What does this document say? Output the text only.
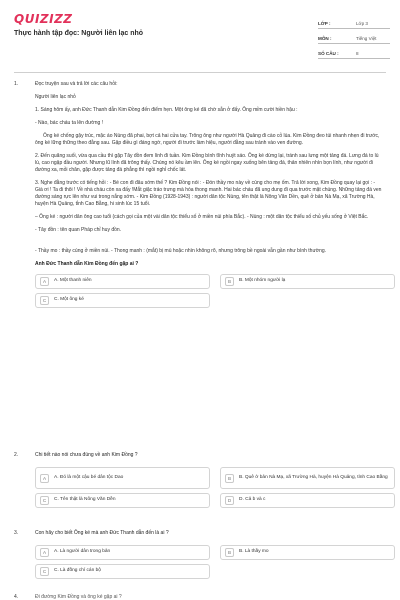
QUIZIZZ
Thực hành tập đọc: Người liên lạc nhỏ
LỚP :	Lớp 3
MÔN :	Tiếng Việt
SỐ CÂU :	8
1.	Đọc truyện sau và trả lời các câu hỏi:

Người liên lạc nhỏ

1. Sáng hôm ấy, anh Đức Thanh dẫn Kim Đồng đến điểm hẹn. Một ông ké đã chờ sẵn ở đấy. Ông mỉm cười hiền hậu :

- Nào, bác cháu ta lên đường !

Ông ké chống gậy trúc, mặc áo Nùng đã phai, bợt cả hai cửa tay. Trông ông như người Hà Quảng đi cào cỏ lúa. Kim Đồng đeo túi nhanh nhẹn đi trước, ông ké lững thững theo đằng sau. Gặp điều gì đáng ngờ, người đi trước làm hiệu, người đằng sau tránh vào ven đường.

2. Đến quãng suối, vừa qua cầu thì gặp Tây đồn đem lính đi tuần. Kim Đồng bình tĩnh huýt sáo. Ông ké dừng lại, tránh sau lưng một tảng đá. Lưng đá to lù lù, cao ngập đầu người. Nhưng lũ lính đã trông thấy. Chúng nó kêu ầm lên. Ông ké ngồi ngay xuống bên tảng đá, thản nhiên nhìn bọn lính, như người đi đường xa, mỏi chân, gặp được tảng đá phẳng thì ngồi nghỉ chốc lát.

3. Nghe đằng trước có tiếng hỏi : - Bé con đi đâu sớm thế ? Kim Đồng nói : - Đón thầy mo này về cúng cho mẹ ốm. Trả lời xong, Kim Đồng quay lại gọi : - Già ơi ! Ta đi thôi ! Về nhà cháu còn xa đấy !Mắt giặc tráo trưng mà hóa thong manh. Hai bác cháu đã ung dung đi qua trước mặt chúng. Những tảng đá ven đường sáng rực lên như vui trong nắng sớm. - Kim Đồng (1928-1943) : người dân tộc Nùng, tên thật là Nông Văn Dền, quê ở bản Nà Mạ, xã Trường Hà, huyện Hà Quảng, tỉnh Cao Bằng, hi sinh lúc 15 tuổi.

– Ông ké : người dân ông cao tuổi (cách gọi của một vài dân tộc thiểu số ở miền núi phía Bắc). - Nùng : một dân tộc thiểu số chủ yếu sống ở Việt Bắc.

- Tây đồn : tên quan Pháp chỉ huy đồn.

- Thầy mo : thầy cúng ở miền núi. - Thong manh : (mắt) bị mù hoặc nhìn không rõ, nhưng trông bề ngoài vẫn gần như bình thường.

Anh Đức Thanh dẫn Kim Đồng đến gặp ai ?

A	A. Một thanh niên	B	B. Một nhóm người lạ
C	C. Một ông ké
2.	Chi tiết nào nói chưa đúng về anh Kim Đồng ?

A	A. Đó là một cậu bé dân tộc Dao	B	B. Quê ở bản Nà Mạ, xã Trường Hà, huyện Hà Quảng, tỉnh Cao Bằng
C	C. Tên thật là Nông Văn Dền	D	D. Cả b và c
3.	Con hãy cho biết Ông ké mà anh Đức Thanh dẫn đến là ai ?

A	A. Là người dân trong bản	B	B. Là thầy mo
C	C. Là đồng chí cán bộ
4.	Đi đường Kim Đồng và ông ké gặp ai ?
